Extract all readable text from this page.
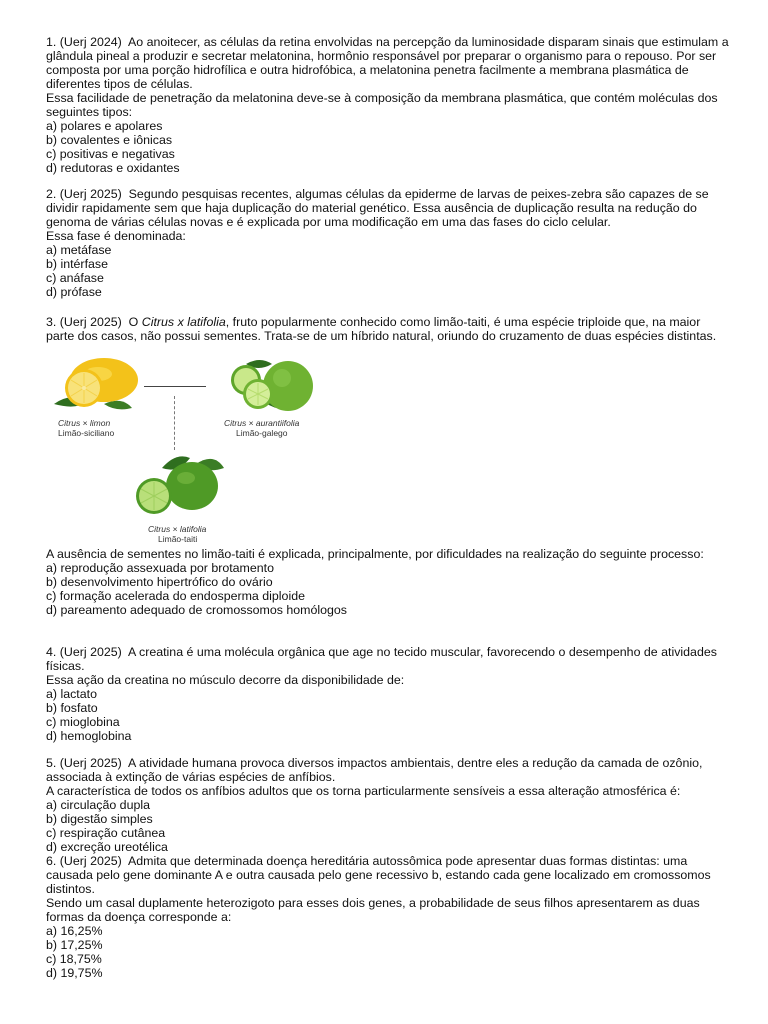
1. (Uerj 2024) Ao anoitecer, as células da retina envolvidas na percepção da luminosidade disparam sinais que estimulam a glândula pineal a produzir e secretar melatonina, hormônio responsável por preparar o organismo para o repouso. Por ser composta por uma porção hidrofílica e outra hidrofóbica, a melatonina penetra facilmente a membrana plasmática de diferentes tipos de células.

Essa facilidade de penetração da melatonina deve-se à composição da membrana plasmática, que contém moléculas dos seguintes tipos:

a) polares e apolares

b) covalentes e iônicas

c) positivas e negativas

d) redutoras e oxidantes

2. (Uerj 2025) Segundo pesquisas recentes, algumas células da epiderme de larvas de peixes-zebra são capazes de se dividir rapidamente sem que haja duplicação do material genético. Essa ausência de duplicação resulta na redução do genoma de várias células novas e é explicada por uma modificação em uma das fases do ciclo celular.

Essa fase é denominada:

a) metáfase

b) intérfase

c) anáfase

d) prófase

3. (Uerj 2025) O Citrus x latifolia, fruto popularmente conhecido como limão-taiti, é uma espécie triploide que, na maior parte dos casos, não possui sementes. Trata-se de um híbrido natural, oriundo do cruzamento de duas espécies distintas.

Citrus × limon
Limão-siciliano
Citrus × aurantiifolia
Limão-galego
Citrus × latifolia
Limão-taiti

A ausência de sementes no limão-taiti é explicada, principalmente, por dificuldades na realização do seguinte processo:

a) reprodução assexuada por brotamento

b) desenvolvimento hipertrófico do ovário

c) formação acelerada do endosperma diploide

d) pareamento adequado de cromossomos homólogos

4. (Uerj 2025) A creatina é uma molécula orgânica que age no tecido muscular, favorecendo o desempenho de atividades físicas.

Essa ação da creatina no músculo decorre da disponibilidade de:

a) lactato

b) fosfato

c) mioglobina

d) hemoglobina

5. (Uerj 2025) A atividade humana provoca diversos impactos ambientais, dentre eles a redução da camada de ozônio, associada à extinção de várias espécies de anfíbios.

A característica de todos os anfíbios adultos que os torna particularmente sensíveis a essa alteração atmosférica é:

a) circulação dupla

b) digestão simples

c) respiração cutânea

d) excreção ureotélica

6. (Uerj 2025) Admita que determinada doença hereditária autossômica pode apresentar duas formas distintas: uma causada pelo gene dominante A e outra causada pelo gene recessivo b, estando cada gene localizado em cromossomos distintos.

Sendo um casal duplamente heterozigoto para esses dois genes, a probabilidade de seus filhos apresentarem as duas formas da doença corresponde a:

a) 16,25%

b) 17,25%

c) 18,75%

d) 19,75%
